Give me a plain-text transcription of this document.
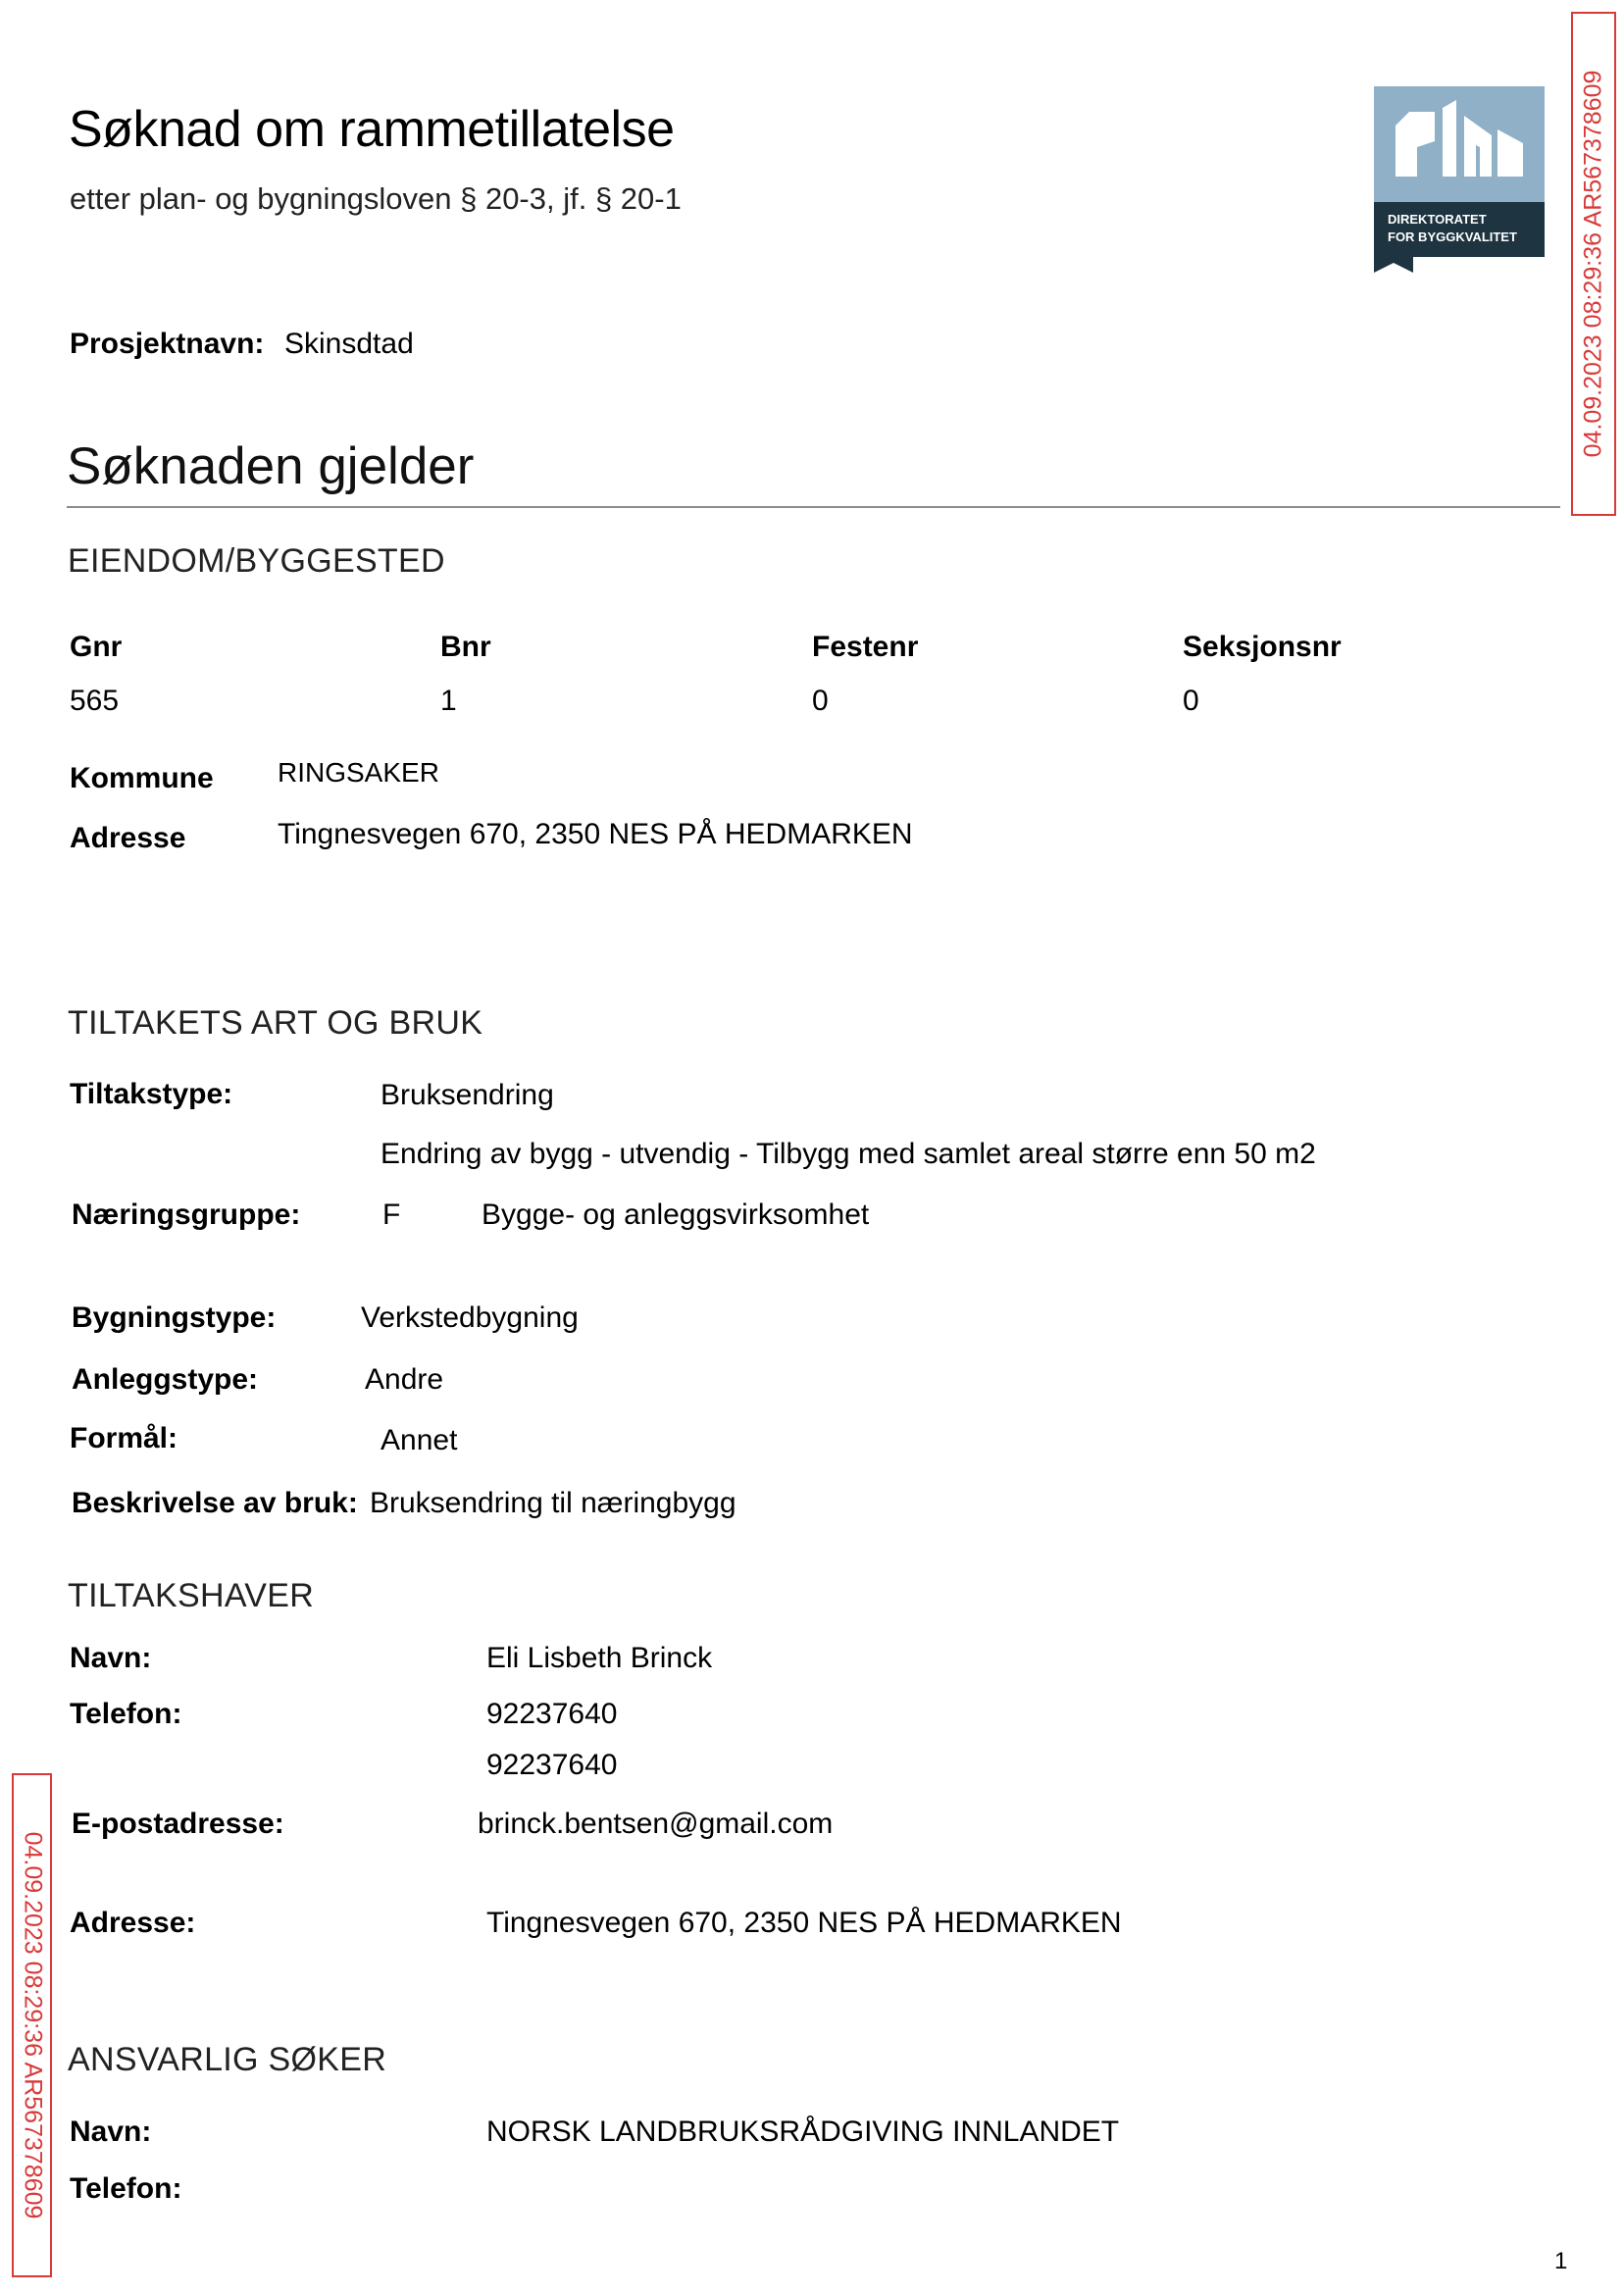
Søknad om rammetillatelse
etter plan- og bygningsloven § 20-3, jf. § 20-1
DIREKTORATET
FOR BYGGKVALITET	04.09.2023 08:29:36 AR567378609
Prosjektnavn: Skinsdtad
Søknaden gjelder
EIENDOM/BYGGESTED
Gnr	Bnr	Festenr	Seksjonsnr
565	1	0	0
Kommune RINGSAKER
Adresse	Tingnesvegen 670, 2350 NES PÅ HEDMARKEN
TILTAKETS ART OG BRUK
Tiltakstype:	Bruksendring
Endring av bygg - utvendig - Tilbygg med samlet areal større enn 50 m2
Næringsgruppe:	F	Bygge- og anleggsvirksomhet
Bygningstype:	Verkstedbygning
Anleggstype:	Andre
Formål:	Annet
Beskrivelse av bruk: Bruksendring til næringbygg
TILTAKSHAVER
Navn:	Eli Lisbeth Brinck
Telefon:	92237640
92237640
E-postadresse:	brinck.bentsen@gmail.com
Adresse:	Tingnesvegen 670, 2350 NES PÅ HEDMARKEN
04.09.2023 08:29:36 AR567378609 ANSVARLIG SØKER
Navn:	NORSK LANDBRUKSRÅDGIVING INNLANDET
Telefon:
1
